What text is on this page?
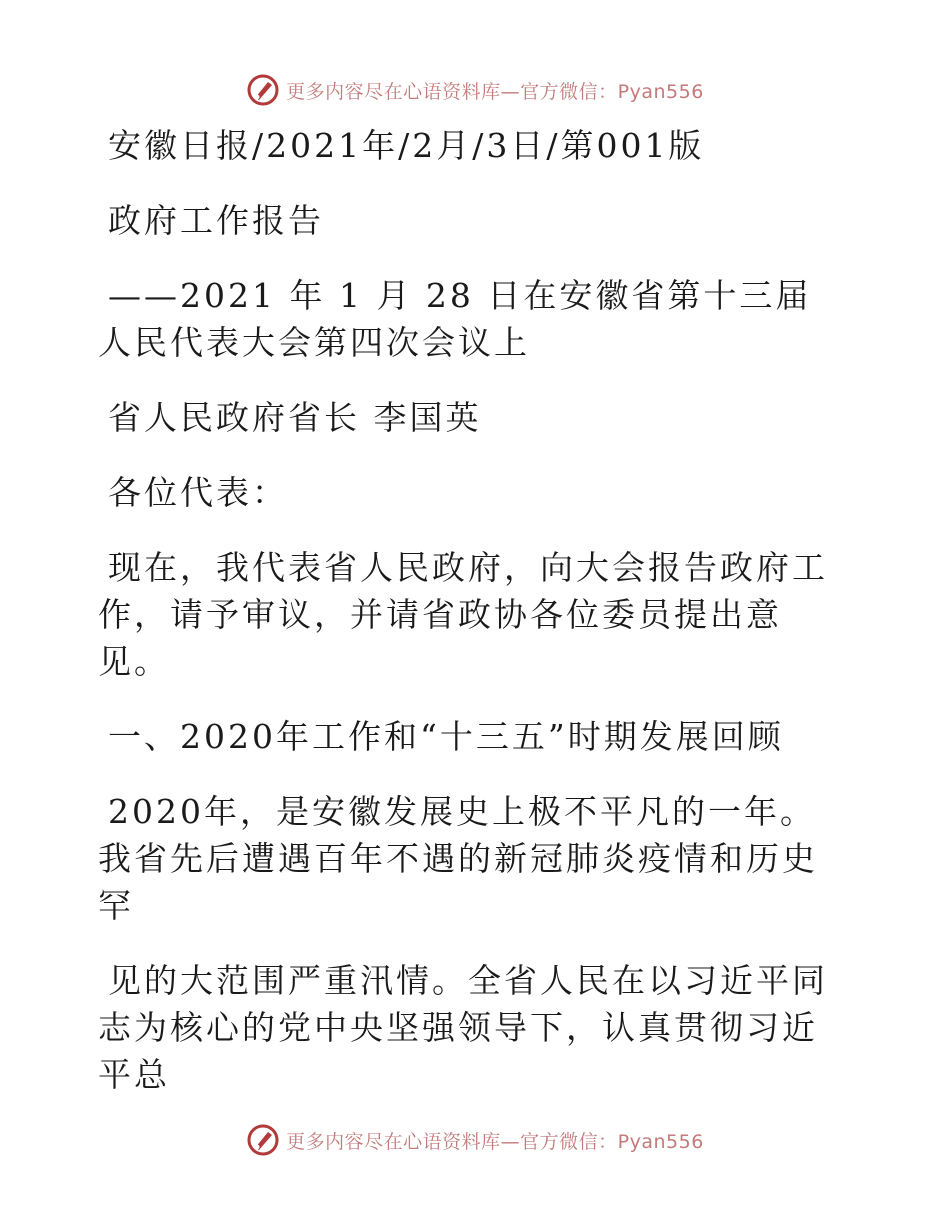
更多内容尽在心语资料库—官方微信：Pyan556

安徽日报/2021年/2月/3日/第001版

政府工作报告

——2021 年 1 月 28 日在安徽省第十三届人民代表大会第四次会议上

省人民政府省长 李国英

各位代表：

现在，我代表省人民政府，向大会报告政府工作，请予审议，并请省政协各位委员提出意见。

一、2020年工作和“十三五”时期发展回顾

2020年，是安徽发展史上极不平凡的一年。我省先后遭遇百年不遇的新冠肺炎疫情和历史罕

见的大范围严重汛情。全省人民在以习近平同志为核心的党中央坚强领导下，认真贯彻习近平总

更多内容尽在心语资料库—官方微信：Pyan556
